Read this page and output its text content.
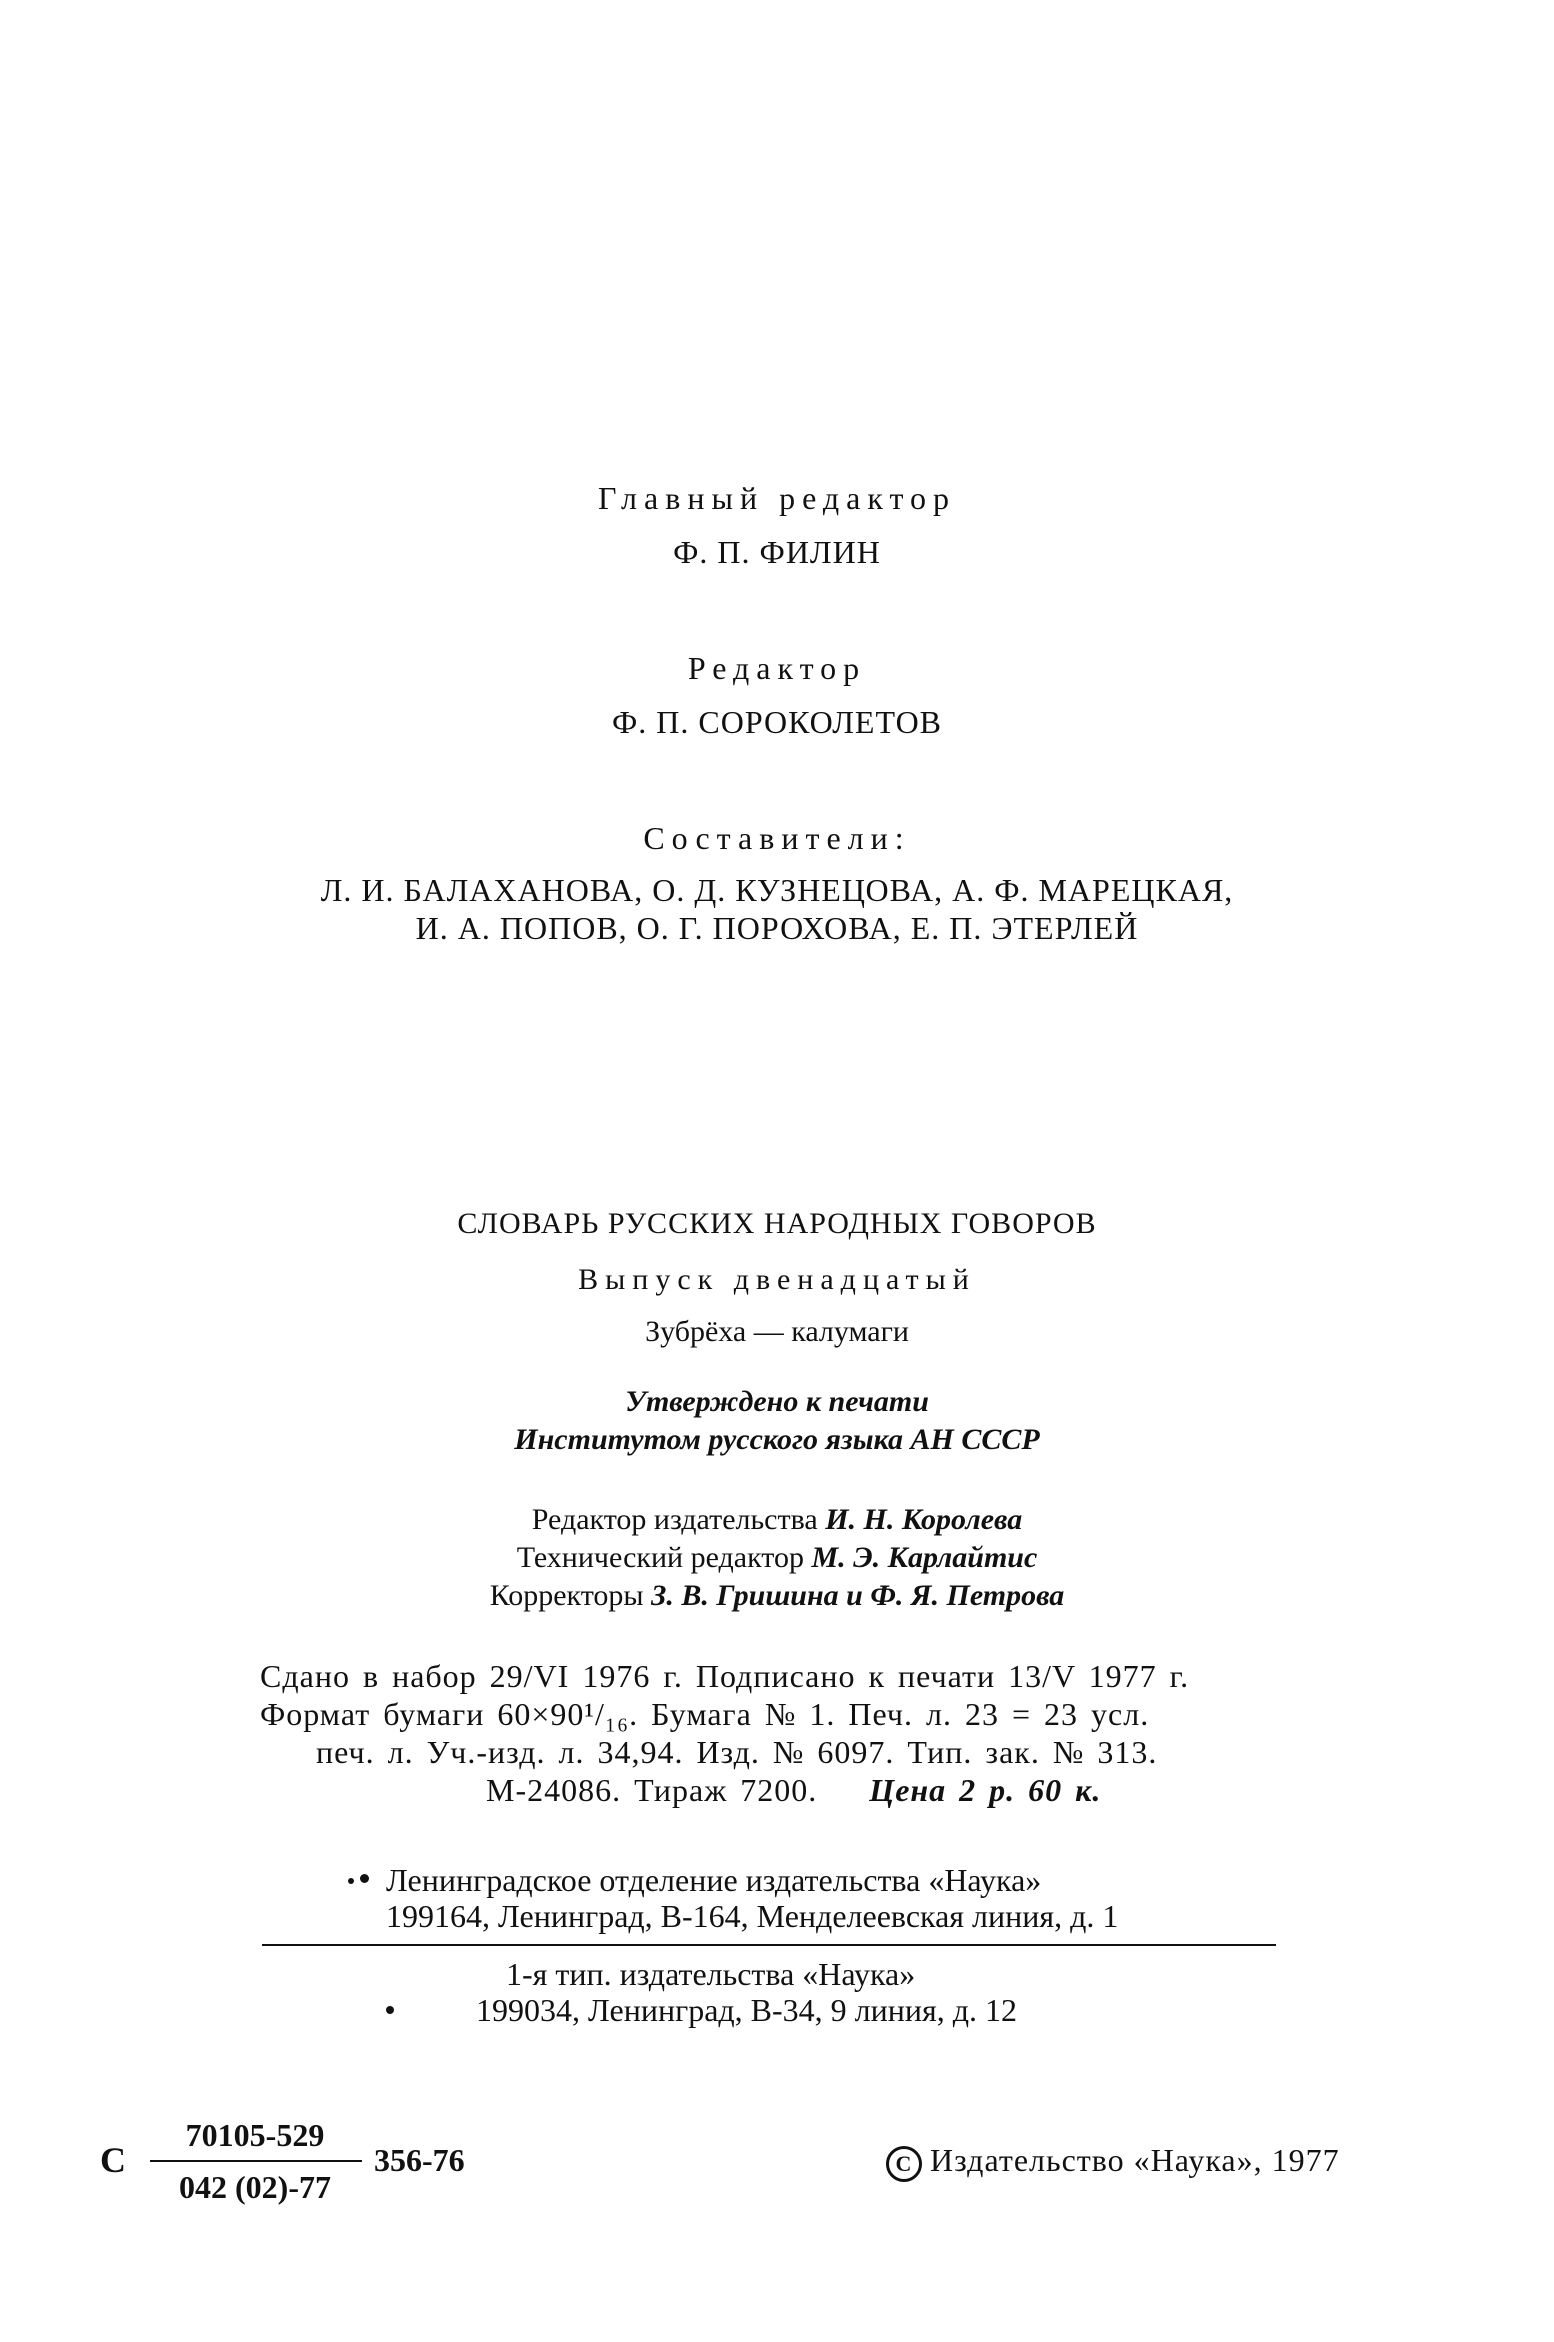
Главный редактор
Ф. П. ФИЛИН
Редактор
Ф. П. СОРОКОЛЕТОВ
Составители:
Л. И. БАЛАХАНОВА, О. Д. КУЗНЕЦОВА, А. Ф. МАРЕЦКАЯ,
И. А. ПОПОВ, О. Г. ПОРОХОВА, Е. П. ЭТЕРЛЕЙ
СЛОВАРЬ РУССКИХ НАРОДНЫХ ГОВОРОВ
Выпуск двенадцатый
Зубрёха — калумаги
Утверждено к печати
Институтом русского языка АН СССР
Редактор издательства И. Н. Королева
Технический редактор М. Э. Карлайтис
Корректоры З. В. Гришина и Ф. Я. Петрова
Сдано в набор 29/VI 1976 г. Подписано к печати 13/V 1977 г.
Формат бумаги 60×90¹/₁₆. Бумага № 1. Печ. л. 23 = 23 усл.
печ. л. Уч.-изд. л. 34,94. Изд. № 6097. Тип. зак. № 313.
М-24086. Тираж 7200. Цена 2 р. 60 к.
Ленинградское отделение издательства «Наука»
199164, Ленинград, В-164, Менделеевская линия, д. 1
1-я тип. издательства «Наука»
199034, Ленинград, В-34, 9 линия, д. 12
С
70105-529
042 (02)-77
356-76	C Издательство «Наука», 1977
